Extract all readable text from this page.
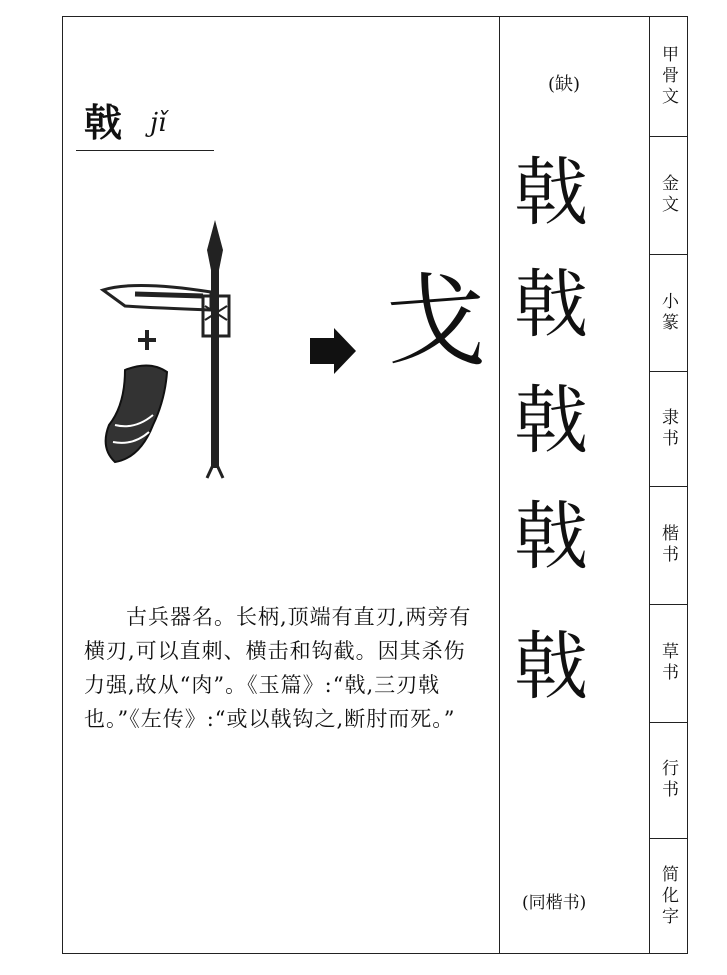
戟 jǐ
戈

古兵器名。长柄,顶端有直刃,两旁有横刃,可以直刺、横击和钩截。因其杀伤力强,故从“肉”。《玉篇》:“戟,三刃戟也。”《左传》:“或以戟钩之,断肘而死。”

(缺)
戟
戟
戟
戟
戟
(同楷书)
甲骨文
金文
小篆
隶书
楷书
草书
行书
简化字
